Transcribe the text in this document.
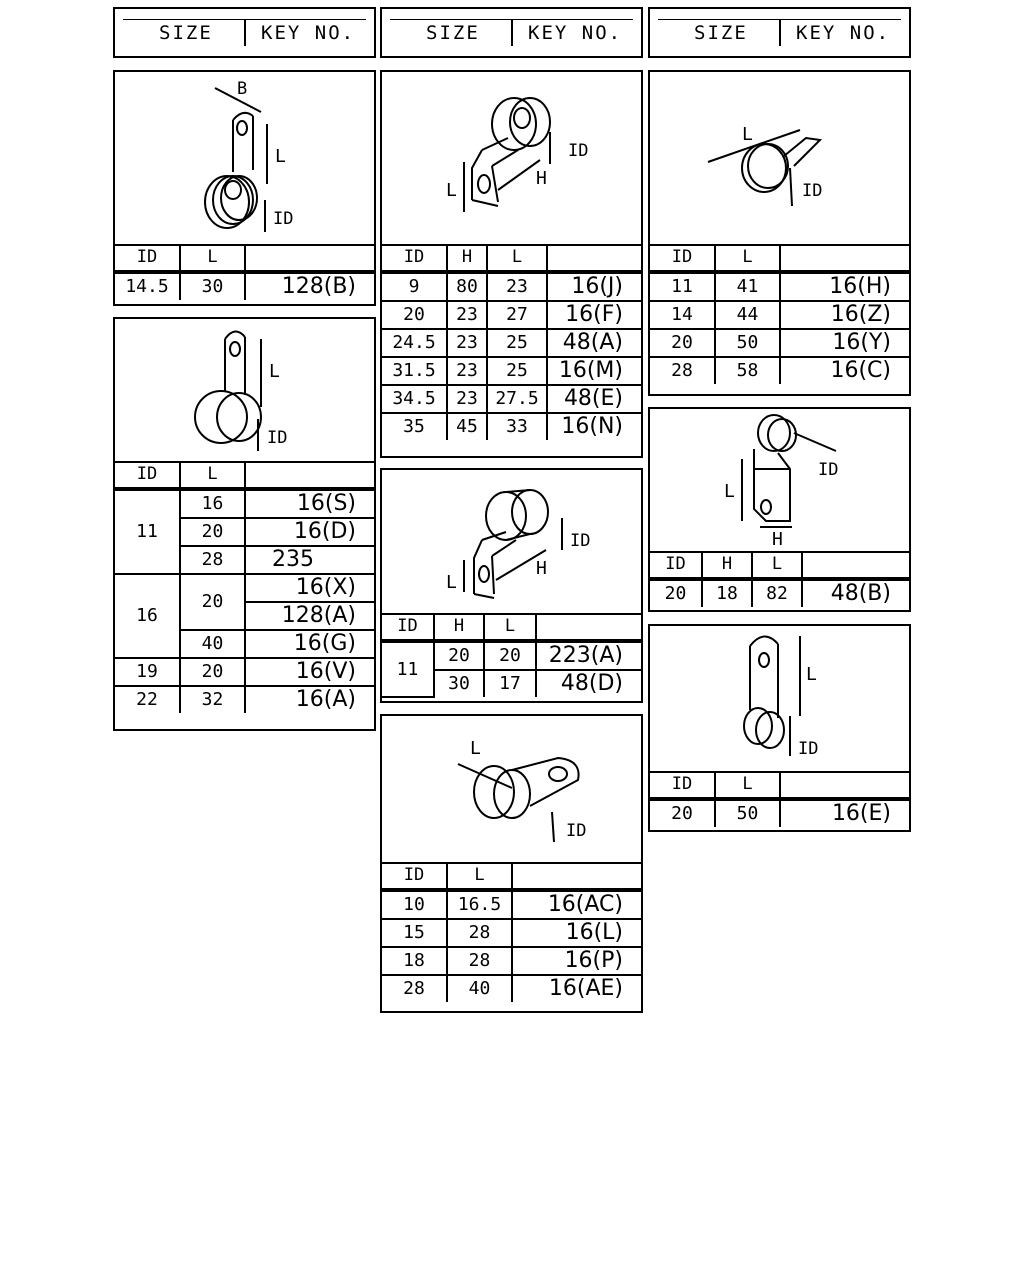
SIZE	KEY NO.	SIZE	KEY NO.	SIZE	KEY NO.
B
L
ID
ID	L	
14.5	30	128(B)
L
ID
ID	L	
11	16	16(S)
	20	16(D)
	28	235
16	20	16(X)
		128(A)
	40	16(G)
19	20	16(V)
22	32	16(A)
ID
H
L
ID	H	L	
9	80	23	16(J)
20	23	27	16(F)
24.5	23	25	48(A)
31.5	23	25	16(M)
34.5	23	27.5	48(E)
35	45	33	16(N)
ID
H
L
ID	H	L	
11	20	20	223(A)
	30	17	48(D)
L
ID
ID	L	
10	16.5	16(AC)
15	28	16(L)
18	28	16(P)
28	40	16(AE)
L
ID
ID	L	
11	41	16(H)
14	44	16(Z)
20	50	16(Y)
28	58	16(C)
ID
L
H
ID	H	L	
20	18	82	48(B)
L
ID
ID	L	
20	50	16(E)
